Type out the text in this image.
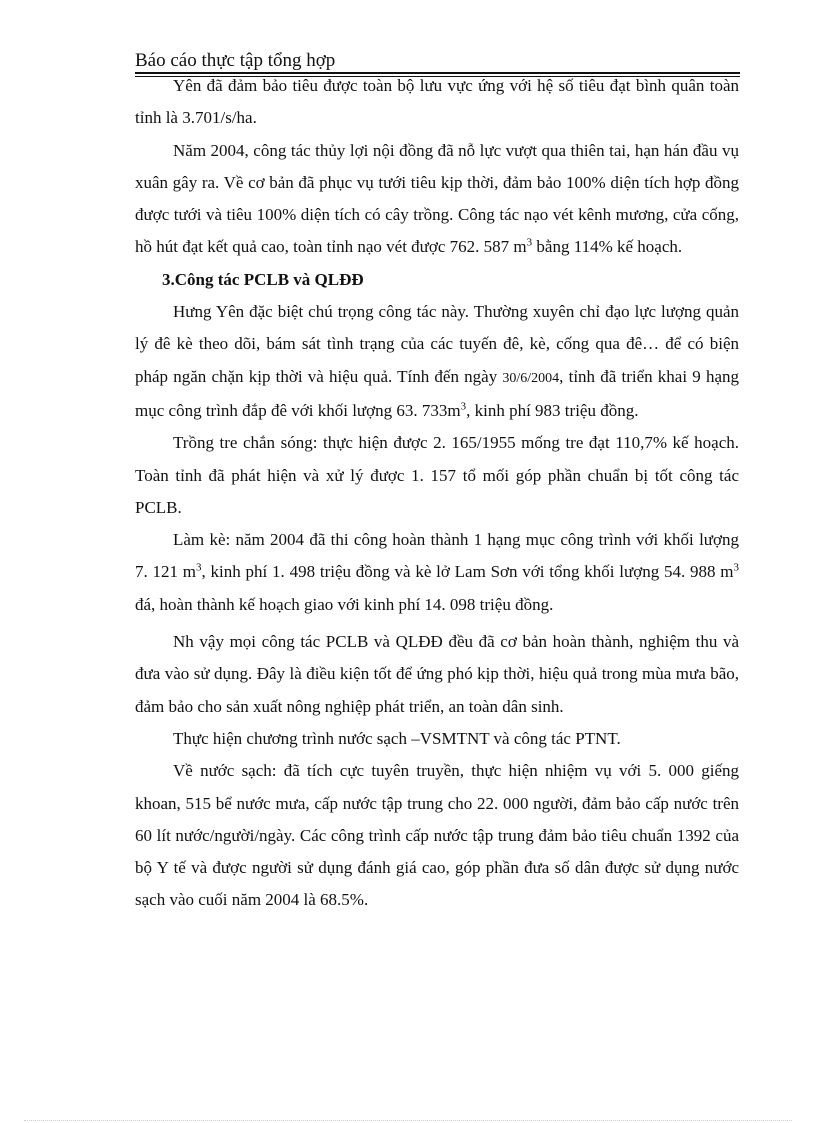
Báo cáo thực tập tổng hợp

Yên đã đảm bảo tiêu được toàn bộ lưu vực ứng với hệ số tiêu đạt bình quân toàn tỉnh là 3.701/s/ha.

Năm 2004, công tác thủy lợi nội đồng đã nỗ lực vượt qua thiên tai, hạn hán đầu vụ xuân gây ra. Về cơ bản đã phục vụ tưới tiêu kịp thời, đảm bảo 100% diện tích hợp đồng được tưới và tiêu 100% diện tích có cây trồng. Công tác nạo vét kênh mương, cửa cống, hồ hút đạt kết quả cao, toàn tỉnh nạo vét được 762. 587 $m^3$ bằng 114% kế hoạch.

3.Công tác PCLB và QLĐĐ

Hưng Yên đặc biệt chú trọng công tác này. Thường xuyên chỉ đạo lực lượng quản lý đê kè theo dõi, bám sát tình trạng của các tuyến đê, kè, cống qua đê… để có biện pháp ngăn chặn kịp thời và hiệu quả. Tính đến ngày 30/6/2004, tỉnh đã triển khai 9 hạng mục công trình đắp đê với khối lượng 63. $733m^3$, kinh phí 983 triệu đồng.

Trồng tre chắn sóng: thực hiện được 2. 165/1955 mống tre đạt 110,7% kế hoạch. Toàn tỉnh đã phát hiện và xử lý được 1. 157 tổ mối góp phần chuẩn bị tốt công tác PCLB.

Làm kè: năm 2004 đã thi công hoàn thành 1 hạng mục công trình với khối lượng 7. 121 $m^3$, kinh phí 1. 498 triệu đồng và kè lở Lam Sơn với tổng khối lượng 54. 988 $m^3$ đá, hoàn thành kế hoạch giao với kinh phí 14. 098 triệu đồng.

Nh vậy mọi công tác PCLB và QLĐĐ đều đã cơ bản hoàn thành, nghiệm thu và đưa vào sử dụng. Đây là điều kiện tốt để ứng phó kịp thời, hiệu quả trong mùa mưa bão, đảm bảo cho sản xuất nông nghiệp phát triển, an toàn dân sinh.

Thực hiện chương trình nước sạch –VSMTNT và công tác PTNT.

Về nước sạch: đã tích cực tuyên truyền, thực hiện nhiệm vụ với 5. 000 giếng khoan, 515 bể nước mưa, cấp nước tập trung cho 22. 000 người, đảm bảo cấp nước trên 60 lít nước/người/ngày. Các công trình cấp nước tập trung đảm bảo tiêu chuẩn 1392 của bộ Y tế và được người sử dụng đánh giá cao, góp phần đưa số dân được sử dụng nước sạch vào cuối năm 2004 là 68.5%.
